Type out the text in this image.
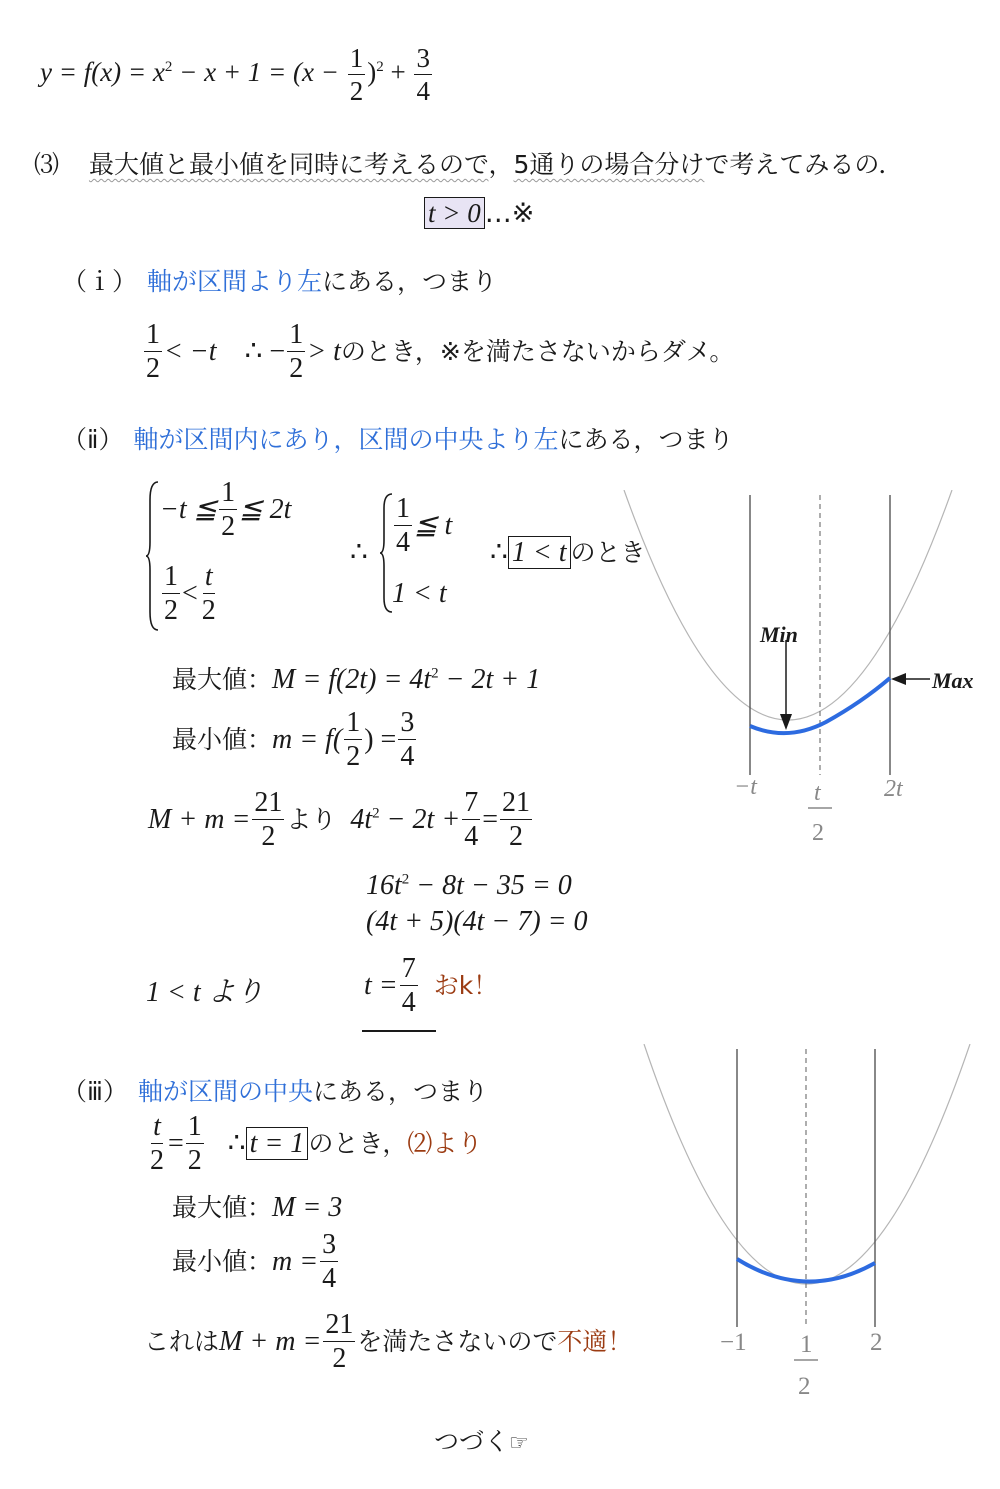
$y = f(x) = x^2 - x + 1 = (x - \frac{1}{2} )^2 + \frac{3}{4}$
⑶ 最大値と最小値を同時に考えるので，5通りの場合分けで考えてみるの．
t > 0 …※
（ｉ） 軸が区間より左にある，つまり
$\frac{1}{2} < -t$ ∴ − $\frac{1}{2} > t$のとき，※を満たさないからダメ。
（ⅱ） 軸が区間内にあり，区間の中央より左にある，つまり
−t ≦ $\frac{1}{2}$ ≦ 2t
$\frac{1}{2} < \frac{t}{2}$
∴ $\frac{1}{4}$ ≦ t
1 < t
∴ 1 < t のとき
最大値：$M = f(2t) = 4t^2 - 2t + 1$
最小値：$m = f( \frac{1}{2}$ ) = $\frac{3}{4}$
$M + m = \frac{21}{2}$ より $4t^2 - 2t + \frac{7}{4} = \frac{21}{2}$
$16t^2 - 8t - 35 = 0$
(4t + 5)(4t − 7) = 0
1 < t より	$t = \frac{7}{4}$ おk！
Min
Max
−t t
2
2t
（ⅲ） 軸が区間の中央にある，つまり
$\frac{t}{2} = \frac{1}{2}$ ∴ t = 1 のとき，⑵より
最大値：M = 3
最小値：$m = \frac{3}{4}$
これは$M + m = \frac{21}{2}$ を満たさないので不適！	−1 1
2
2
つづく☞
